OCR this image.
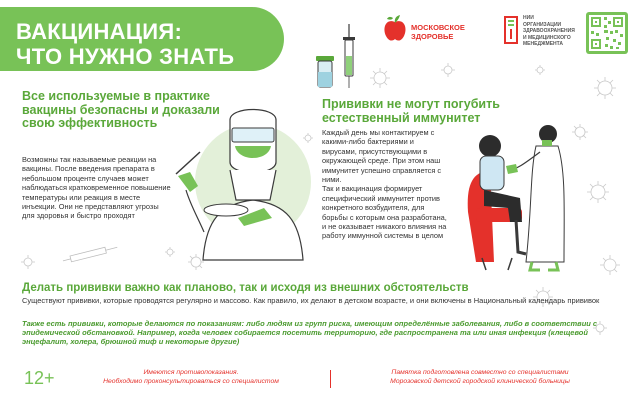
ВАКЦИНАЦИЯ:
ЧТО НУЖНО ЗНАТЬ
МОСКОВСКОЕ
ЗДОРОВЬЕ
НИИ
ОРГАНИЗАЦИИ
ЗДРАВООХРАНЕНИЯ
И МЕДИЦИНСКОГО
МЕНЕДЖМЕНТА
Все используемые в практике вакцины безопасны и доказали свою эффективность
Возможны так называемые реакции на вакцины. После введения препарата в небольшом проценте случаев может наблюдаться кратковременное повышение температуры или реакция в месте инъекции. Они не представляют угрозы для здоровья и быстро проходят
Прививки не могут погубить естественный иммунитет
Каждый день мы контактируем с какими-либо бактериями и вирусами, присутствующими в окружающей среде. При этом наш иммунитет успешно справляется с ними.
Так и вакцинация формирует специфический иммунитет против конкретного возбудителя, для борьбы с которым она разработана, и не оказывает никакого влияния на работу иммунной системы в целом
Делать прививки важно как планово, так и исходя из внешних обстоятельств
Существуют прививки, которые проводятся регулярно и массово. Как правило, их делают в детском возрасте, и они включены в Национальный календарь прививок
Также есть прививки, которые делаются по показаниям: либо людям из групп риска, имеющим определённые заболевания, либо в соответствии с эпидемической обстановкой. Например, когда человек собирается посетить территорию, где распространена та или иная инфекция (клещевой энцефалит, холера, брюшной тиф и некоторые другие)
12+	Имеются противопоказания.
Необходимо проконсультироваться со специалистом
Памятка подготовлена совместно со специалистами
Морозовской детской городской клинической больницы
